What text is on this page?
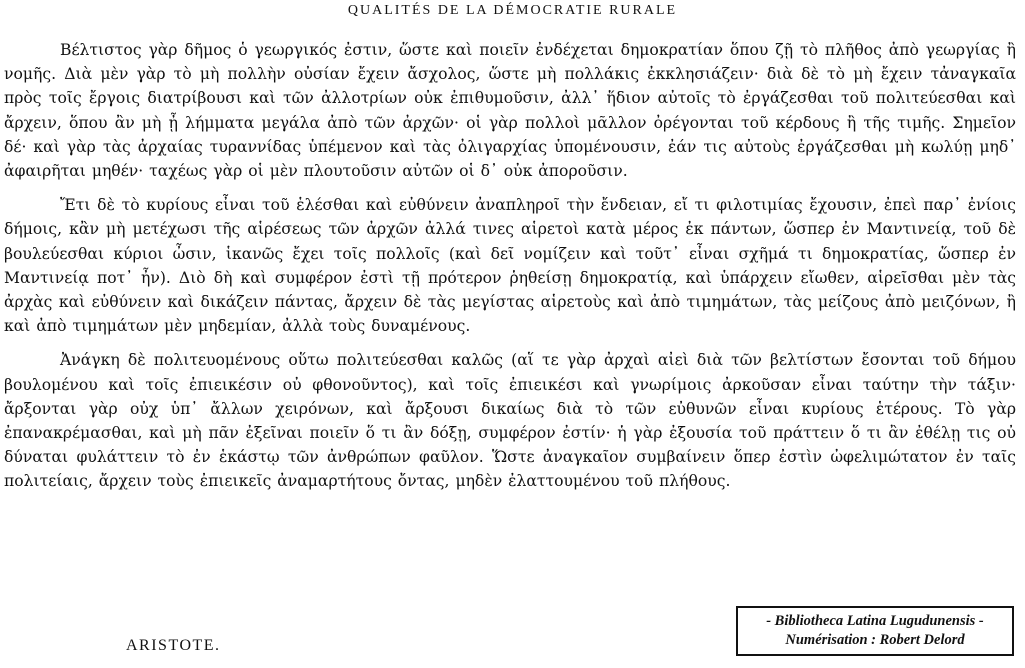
QUALITÉS DE LA DÉMOCRATIE RURALE

Βέλτιστος γὰρ δῆμος ὁ γεωργικός ἐστιν, ὥστε καὶ ποιεῖν ἐνδέχεται δημοκρατίαν ὅπου ζῇ τὸ πλῆθος ἀπὸ γεωργίας ἢ νομῆς. Διὰ μὲν γὰρ τὸ μὴ πολλὴν οὐσίαν ἔχειν ἄσχολος, ὥστε μὴ πολλάκις ἐκκλησιάζειν· διὰ δὲ τὸ μὴ ἔχειν τἀναγκαῖα πρὸς τοῖς ἔργοις διατρίβουσι καὶ τῶν ἀλλοτρίων οὐκ ἐπιθυμοῦσιν, ἀλλ᾽ ἥδιον αὐτοῖς τὸ ἐργάζεσθαι τοῦ πολιτεύεσθαι καὶ ἄρχειν, ὅπου ἂν μὴ ᾖ λήμματα μεγάλα ἀπὸ τῶν ἀρχῶν· οἱ γὰρ πολλοὶ μᾶλλον ὀρέγονται τοῦ κέρδους ἢ τῆς τιμῆς. Σημεῖον δέ· καὶ γὰρ τὰς ἀρχαίας τυραννίδας ὑπέμενον καὶ τὰς ὀλιγαρχίας ὑπομένουσιν, ἐάν τις αὐτοὺς ἐργάζεσθαι μὴ κωλύῃ μηδ᾽ ἀφαιρῆται μηθέν· ταχέως γὰρ οἱ μὲν πλουτοῦσιν αὐτῶν οἱ δ᾽ οὐκ ἀποροῦσιν.

Ἔτι δὲ τὸ κυρίους εἶναι τοῦ ἑλέσθαι καὶ εὐθύνειν ἀναπληροῖ τὴν ἔνδειαν, εἴ τι φιλοτιμίας ἔχουσιν, ἐπεὶ παρ᾽ ἐνίοις δήμοις, κἂν μὴ μετέχωσι τῆς αἱρέσεως τῶν ἀρχῶν ἀλλά τινες αἱρετοὶ κατὰ μέρος ἐκ πάντων, ὥσπερ ἐν Μαντινείᾳ, τοῦ δὲ βουλεύεσθαι κύριοι ὦσιν, ἱκανῶς ἔχει τοῖς πολλοῖς (καὶ δεῖ νομίζειν καὶ τοῦτ᾽ εἶναι σχῆμά τι δημοκρατίας, ὥσπερ ἐν Μαντινείᾳ ποτ᾽ ἦν). Διὸ δὴ καὶ συμφέρον ἐστὶ τῇ πρότερον ῥηθείσῃ δημοκρατίᾳ, καὶ ὑπάρχειν εἴωθεν, αἱρεῖσθαι μὲν τὰς ἀρχὰς καὶ εὐθύνειν καὶ δικάζειν πάντας, ἄρχειν δὲ τὰς μεγίστας αἱρετοὺς καὶ ἀπὸ τιμημάτων, τὰς μείζους ἀπὸ μειζόνων, ἢ καὶ ἀπὸ τιμημάτων μὲν μηδεμίαν, ἀλλὰ τοὺς δυναμένους.

Ἀνάγκη δὲ πολιτευομένους οὕτω πολιτεύεσθαι καλῶς (αἵ τε γὰρ ἀρχαὶ αἰεὶ διὰ τῶν βελτίστων ἔσονται τοῦ δήμου βουλομένου καὶ τοῖς ἐπιεικέσιν οὐ φθονοῦντος), καὶ τοῖς ἐπιεικέσι καὶ γνωρίμοις ἀρκοῦσαν εἶναι ταύτην τὴν τάξιν· ἄρξονται γὰρ οὐχ ὑπ᾽ ἄλλων χειρόνων, καὶ ἄρξουσι δικαίως διὰ τὸ τῶν εὐθυνῶν εἶναι κυρίους ἑτέρους. Τὸ γὰρ ἐπανακρέμασθαι, καὶ μὴ πᾶν ἐξεῖναι ποιεῖν ὅ τι ἂν δόξῃ, συμφέρον ἐστίν· ἡ γὰρ ἐξουσία τοῦ πράττειν ὅ τι ἂν ἐθέλῃ τις οὐ δύναται φυλάττειν τὸ ἐν ἑκάστῳ τῶν ἀνθρώπων φαῦλον. Ὥστε ἀναγκαῖον συμβαίνειν ὅπερ ἐστὶν ὠφελιμώτατον ἐν ταῖς πολιτείαις, ἄρχειν τοὺς ἐπιεικεῖς ἀναμαρτήτους ὄντας, μηδὲν ἐλαττουμένου τοῦ πλήθους.

ARISTOTE.
- Bibliotheca Latina Lugudunensis -
Numérisation : Robert Delord
